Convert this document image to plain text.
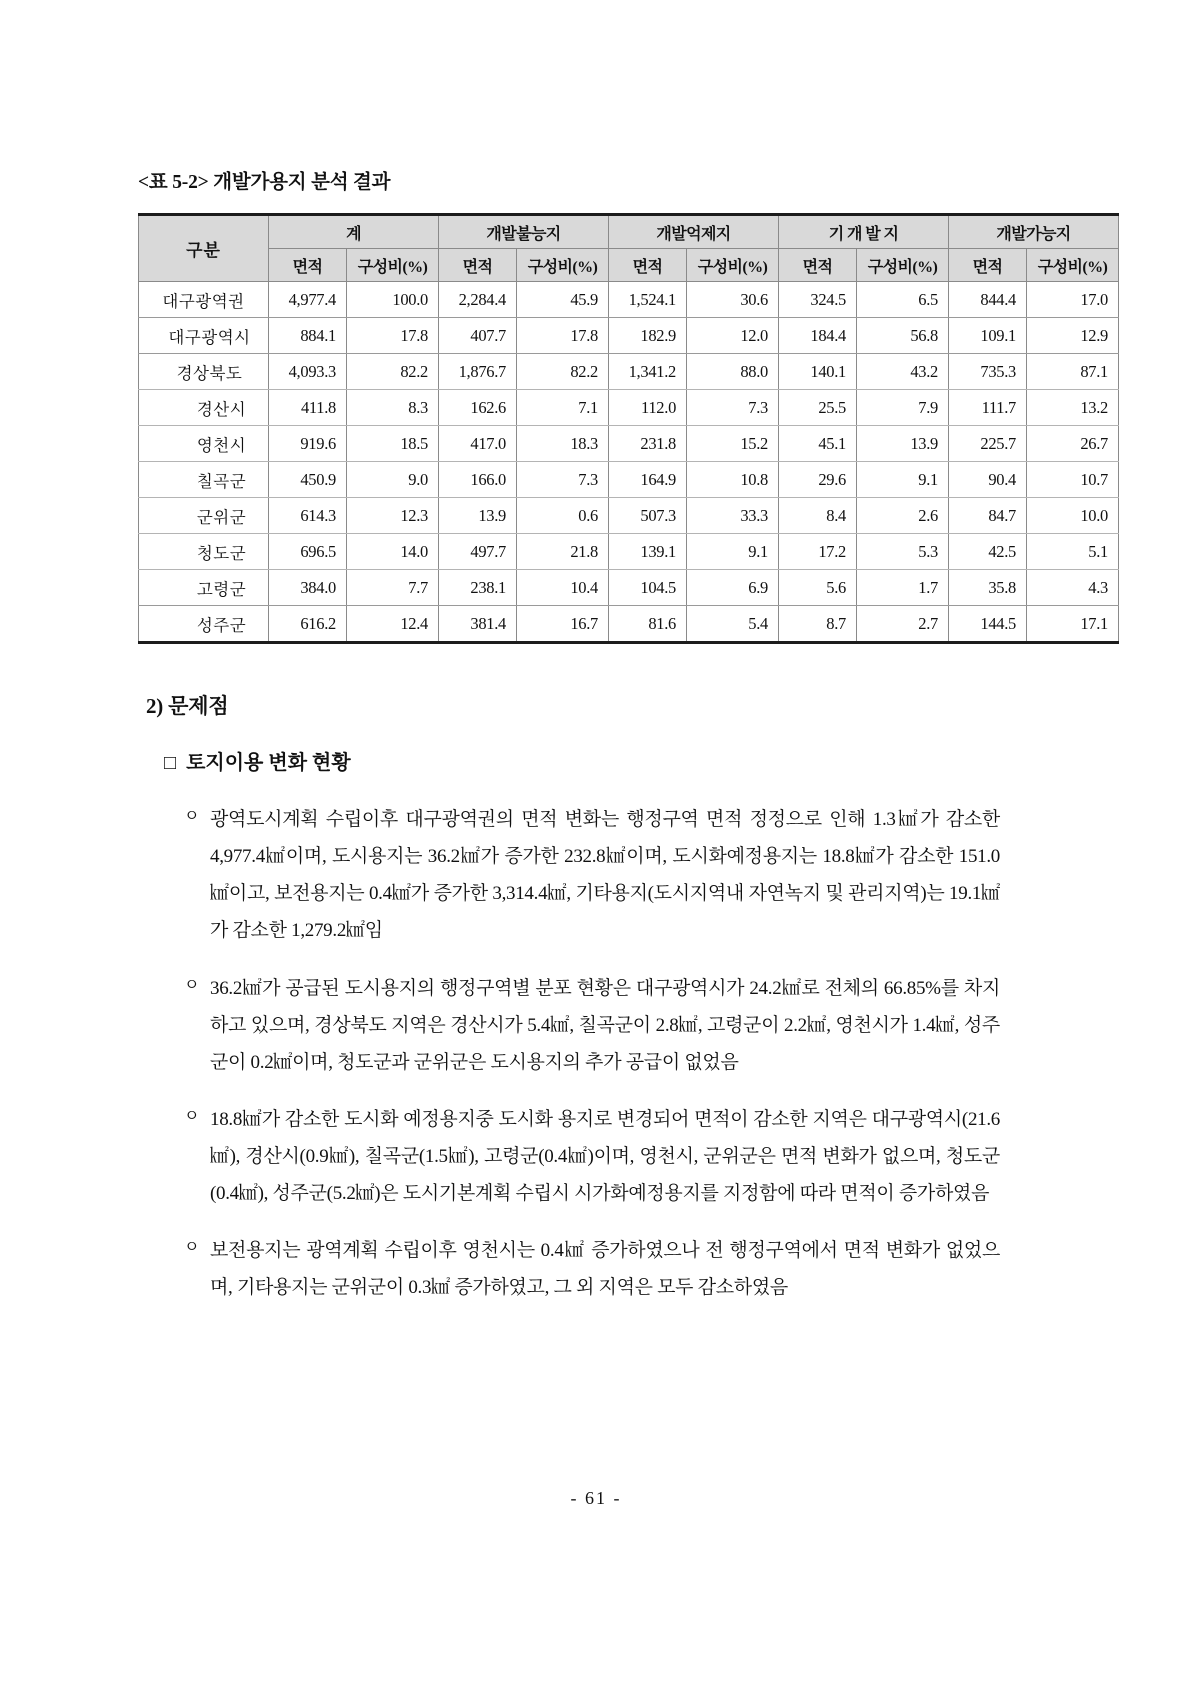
<표 5-2> 개발가용지 분석 결과
구분	계		개발불능지		개발억제지		기 개 발 지		개발가능지	
	면적	구성비(%)	면적	구성비(%)	면적	구성비(%)	면적	구성비(%)	면적	구성비(%)
대구광역권	4,977.4	100.0	2,284.4	45.9	1,524.1	30.6	324.5	6.5	844.4	17.0
대구광역시	884.1	17.8	407.7	17.8	182.9	12.0	184.4	56.8	109.1	12.9
경상북도	4,093.3	82.2	1,876.7	82.2	1,341.2	88.0	140.1	43.2	735.3	87.1
경산시	411.8	8.3	162.6	7.1	112.0	7.3	25.5	7.9	111.7	13.2
영천시	919.6	18.5	417.0	18.3	231.8	15.2	45.1	13.9	225.7	26.7
칠곡군	450.9	9.0	166.0	7.3	164.9	10.8	29.6	9.1	90.4	10.7
군위군	614.3	12.3	13.9	0.6	507.3	33.3	8.4	2.6	84.7	10.0
청도군	696.5	14.0	497.7	21.8	139.1	9.1	17.2	5.3	42.5	5.1
고령군	384.0	7.7	238.1	10.4	104.5	6.9	5.6	1.7	35.8	4.3
성주군	616.2	12.4	381.4	16.7	81.6	5.4	8.7	2.7	144.5	17.1
2) 문제점
□ 토지이용 변화 현황
ㅇ 광역도시계획 수립이후 대구광역권의 면적 변화는 행정구역 면적 정정으로 인해 1.3㎢가 감소한 4,977.4㎢이며, 도시용지는 36.2㎢가 증가한 232.8㎢이며, 도시화예정용지는 18.8㎢가 감소한 151.0㎢이고, 보전용지는 0.4㎢가 증가한 3,314.4㎢, 기타용지(도시지역내 자연녹지 및 관리지역)는 19.1㎢가 감소한 1,279.2㎢임
ㅇ 36.2㎢가 공급된 도시용지의 행정구역별 분포 현황은 대구광역시가 24.2㎢로 전체의 66.85%를 차지하고 있으며, 경상북도 지역은 경산시가 5.4㎢, 칠곡군이 2.8㎢, 고령군이 2.2㎢, 영천시가 1.4㎢, 성주군이 0.2㎢이며, 청도군과 군위군은 도시용지의 추가 공급이 없었음
ㅇ 18.8㎢가 감소한 도시화 예정용지중 도시화 용지로 변경되어 면적이 감소한 지역은 대구광역시(21.6㎢), 경산시(0.9㎢), 칠곡군(1.5㎢), 고령군(0.4㎢)이며, 영천시, 군위군은 면적 변화가 없으며, 청도군(0.4㎢), 성주군(5.2㎢)은 도시기본계획 수립시 시가화예정용지를 지정함에 따라 면적이 증가하였음
ㅇ 보전용지는 광역계획 수립이후 영천시는 0.4㎢ 증가하였으나 전 행정구역에서 면적 변화가 없었으며, 기타용지는 군위군이 0.3㎢ 증가하였고, 그 외 지역은 모두 감소하였음
- 61 -
